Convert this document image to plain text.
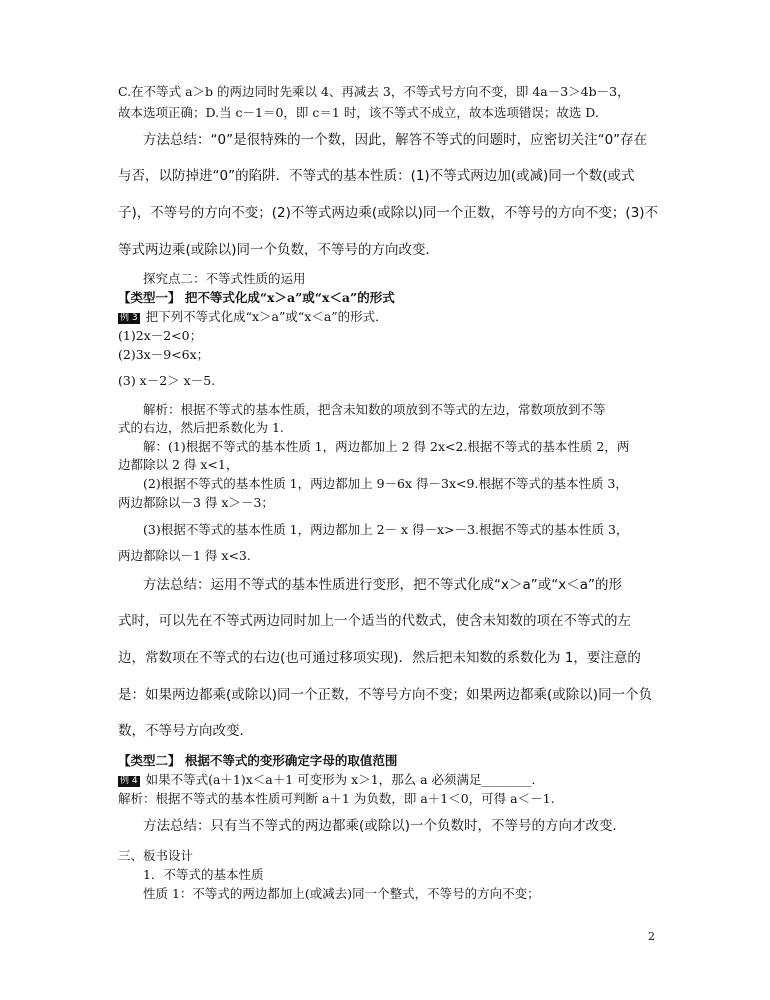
C.在不等式 a＞b 的两边同时先乘以 4、再减去 3，不等式号方向不变，即 4a－3＞4b－3，
故本选项正确；D.当 c－1＝0，即 c＝1 时，该不等式不成立，故本选项错误；故选 D.
方法总结：“0”是很特殊的一个数，因此，解答不等式的问题时，应密切关注“0”存在
与否，以防掉进“0”的陷阱．不等式的基本性质：(1)不等式两边加(或减)同一个数(或式
子)，不等号的方向不变；(2)不等式两边乘(或除以)同一个正数，不等号的方向不变；(3)不
等式两边乘(或除以)同一个负数，不等号的方向改变．
探究点二：不等式性质的运用
【类型一】 把不等式化成“x＞a”或“x＜a”的形式
例 3 把下列不等式化成“x＞a”或“x＜a”的形式．
(1)2x－2<0；
(2)3x－9<6x；
(3) x－2＞ x－5.
解析：根据不等式的基本性质，把含未知数的项放到不等式的左边，常数项放到不等
式的右边，然后把系数化为 1.
解：(1)根据不等式的基本性质 1，两边都加上 2 得 2x<2.根据不等式的基本性质 2，两
边都除以 2 得 x<1，
(2)根据不等式的基本性质 1，两边都加上 9－6x 得－3x<9.根据不等式的基本性质 3，
两边都除以－3 得 x＞－3；
(3)根据不等式的基本性质 1，两边都加上 2－ x 得－x>－3.根据不等式的基本性质 3，
两边都除以－1 得 x<3.
方法总结：运用不等式的基本性质进行变形，把不等式化成“x＞a”或“x＜a”的形
式时，可以先在不等式两边同时加上一个适当的代数式，使含未知数的项在不等式的左
边，常数项在不等式的右边(也可通过移项实现)．然后把未知数的系数化为 1，要注意的
是：如果两边都乘(或除以)同一个正数，不等号方向不变；如果两边都乘(或除以)同一个负
数，不等号方向改变．
【类型二】 根据不等式的变形确定字母的取值范围
例 4 如果不等式(a＋1)x＜a＋1 可变形为 x＞1，那么 a 必须满足________．
解析：根据不等式的基本性质可判断 a＋1 为负数，即 a＋1＜0，可得 a＜－1.
方法总结：只有当不等式的两边都乘(或除以)一个负数时，不等号的方向才改变．
三、板书设计
1．不等式的基本性质
性质 1：不等式的两边都加上(或减去)同一个整式，不等号的方向不变；
2
